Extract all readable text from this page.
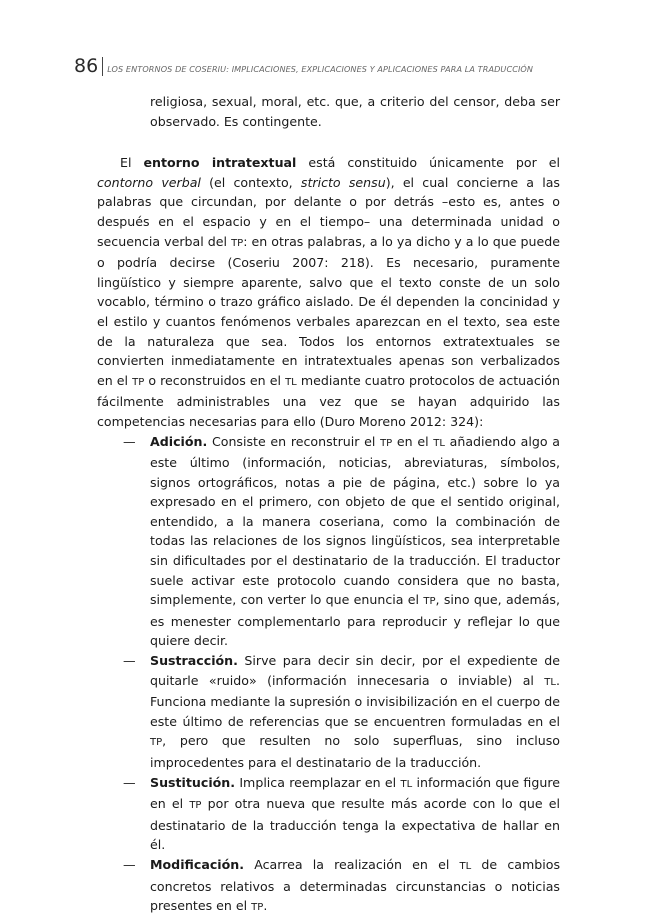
86	LOS ENTORNOS DE COSERIU: IMPLICACIONES, EXPLICACIONES Y APLICACIONES PARA LA TRADUCCIÓN

religiosa, sexual, moral, etc. que, a criterio del censor, deba ser observado. Es contingente.

El entorno intratextual está constituido únicamente por el contorno verbal (el contexto, stricto sensu), el cual concierne a las palabras que circundan, por delante o por detrás –esto es, antes o después en el espacio y en el tiempo– una determinada unidad o secuencia verbal del TP: en otras palabras, a lo ya dicho y a lo que puede o podría decirse (Coseriu 2007: 218). Es necesario, puramente lingüístico y siempre aparente, salvo que el texto conste de un solo vocablo, término o trazo gráfico aislado. De él dependen la concinidad y el estilo y cuantos fenómenos verbales aparezcan en el texto, sea este de la naturaleza que sea. Todos los entornos extratextuales se convierten inmediatamente en intratextuales apenas son verbalizados en el TP o reconstruidos en el TL mediante cuatro protocolos de actuación fácilmente administrables una vez que se hayan adquirido las competencias necesarias para ello (Duro Moreno 2012: 324):

— Adición. Consiste en reconstruir el TP en el TL añadiendo algo a este último (información, noticias, abreviaturas, símbolos, signos ortográficos, notas a pie de página, etc.) sobre lo ya expresado en el primero, con objeto de que el sentido original, entendido, a la manera coseriana, como la combinación de todas las relaciones de los signos lingüísticos, sea interpretable sin dificultades por el destinatario de la traducción. El traductor suele activar este protocolo cuando considera que no basta, simplemente, con verter lo que enuncia el TP, sino que, además, es menester complementarlo para reproducir y reflejar lo que quiere decir.
— Sustracción. Sirve para decir sin decir, por el expediente de quitarle «ruido» (información innecesaria o inviable) al TL. Funciona mediante la supresión o invisibilización en el cuerpo de este último de referencias que se encuentren formuladas en el TP, pero que resulten no solo superfluas, sino incluso improcedentes para el destinatario de la traducción.
— Sustitución. Implica reemplazar en el TL información que figure en el TP por otra nueva que resulte más acorde con lo que el destinatario de la traducción tenga la expectativa de hallar en él.
— Modificación. Acarrea la realización en el TL de cambios concretos relativos a determinadas circunstancias o noticias presentes en el TP.
